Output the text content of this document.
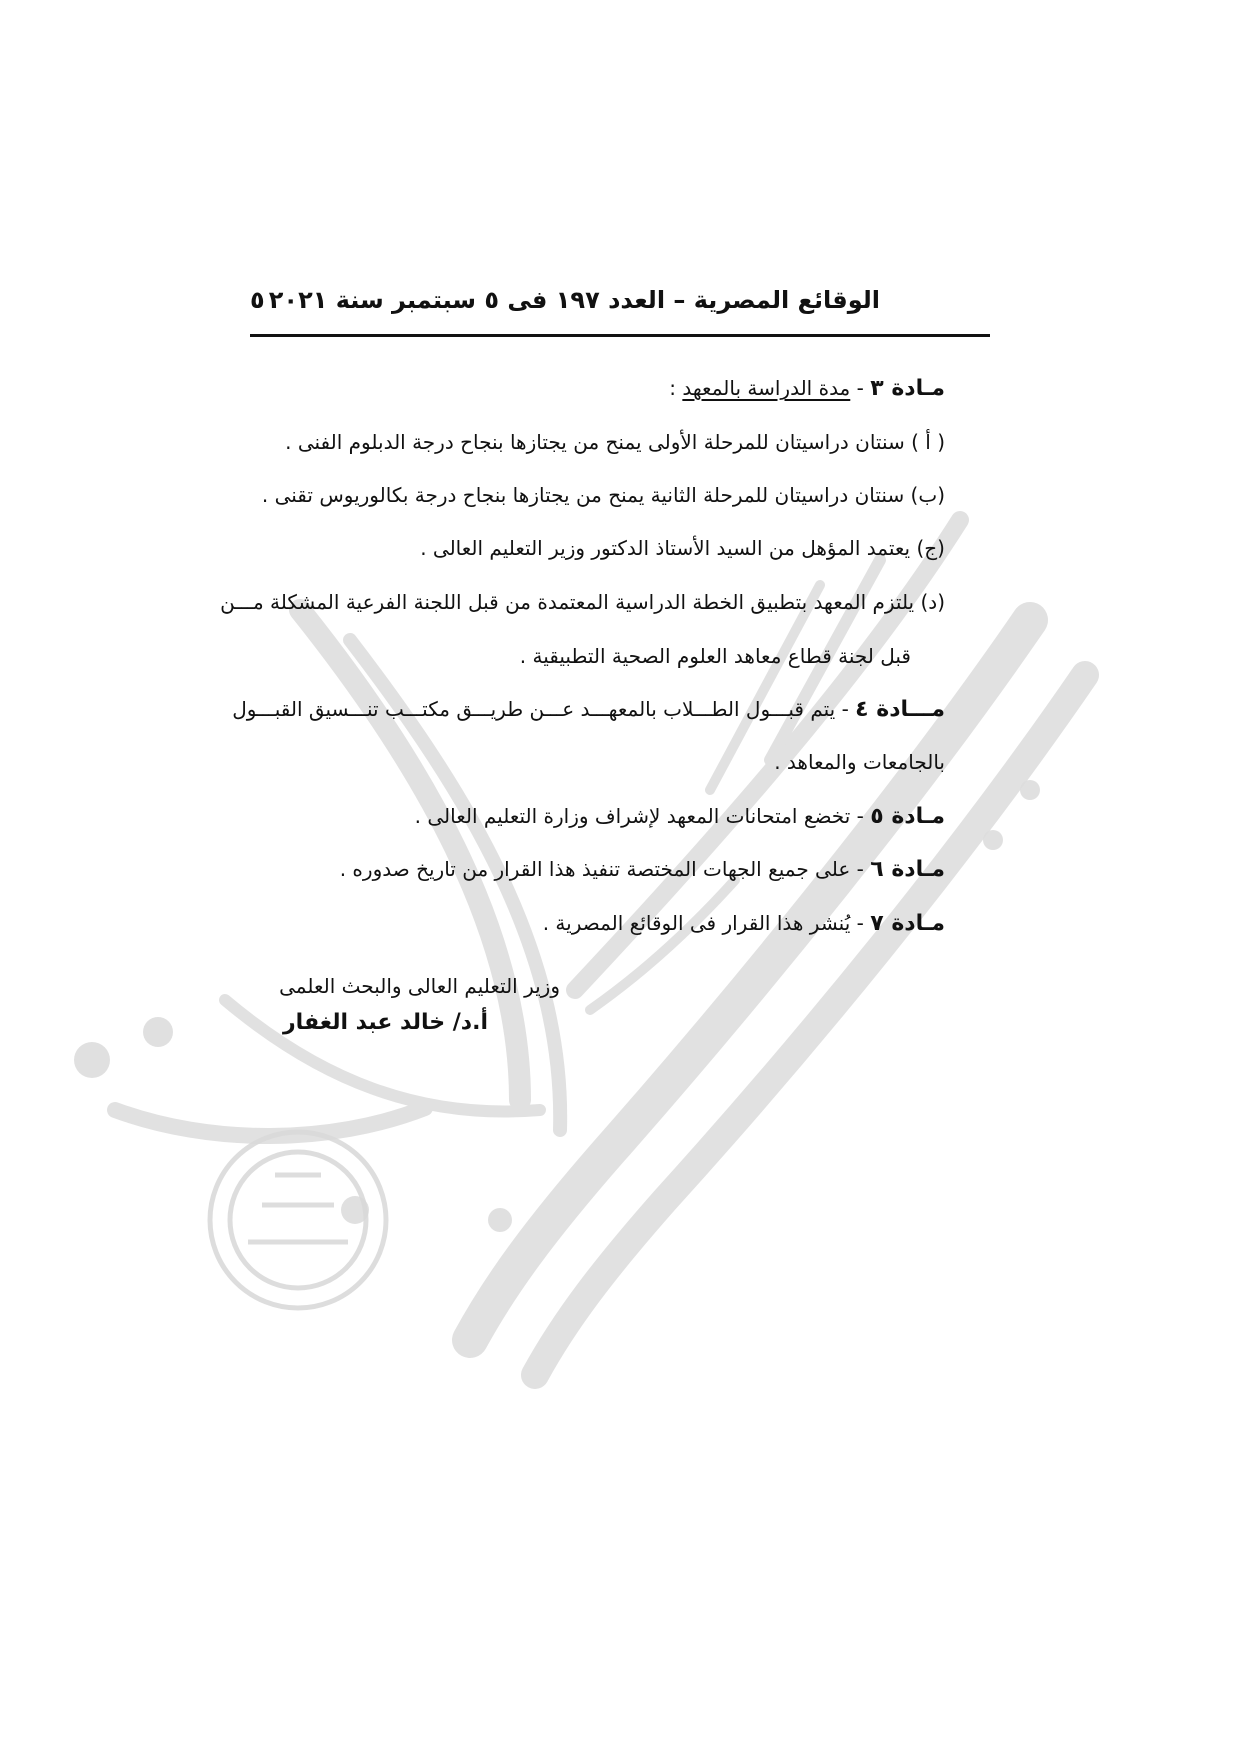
الوقائع المصرية – العدد ١٩٧ فى ٥ سبتمبر سنة ٢٠٢١
٥
مـادة ٣ - مدة الدراسة بالمعهد :
( أ ) سنتان دراسيتان للمرحلة الأولى يمنح من يجتازها بنجاح درجة الدبلوم الفنى .
(ب) سنتان دراسيتان للمرحلة الثانية يمنح من يجتازها بنجاح درجة بكالوريوس تقنى .
(ج) يعتمد المؤهل من السيد الأستاذ الدكتور وزير التعليم العالى .
(د) يلتزم المعهد بتطبيق الخطة الدراسية المعتمدة من قبل اللجنة الفرعية المشكلة مـــن
قبل لجنة قطاع معاهد العلوم الصحية التطبيقية .
مـــادة ٤ - يتم قبـــول الطـــلاب بالمعهـــد عـــن طريـــق مكتـــب تنـــسيق القبـــول
بالجامعات والمعاهد .
مـادة ٥ - تخضع امتحانات المعهد لإشراف وزارة التعليم العالى .
مـادة ٦ - على جميع الجهات المختصة تنفيذ هذا القرار من تاريخ صدوره .
مـادة ٧ - يُنشر هذا القرار فى الوقائع المصرية .
وزير التعليم العالى والبحث العلمى
أ.د/ خالد عبد الغفار
